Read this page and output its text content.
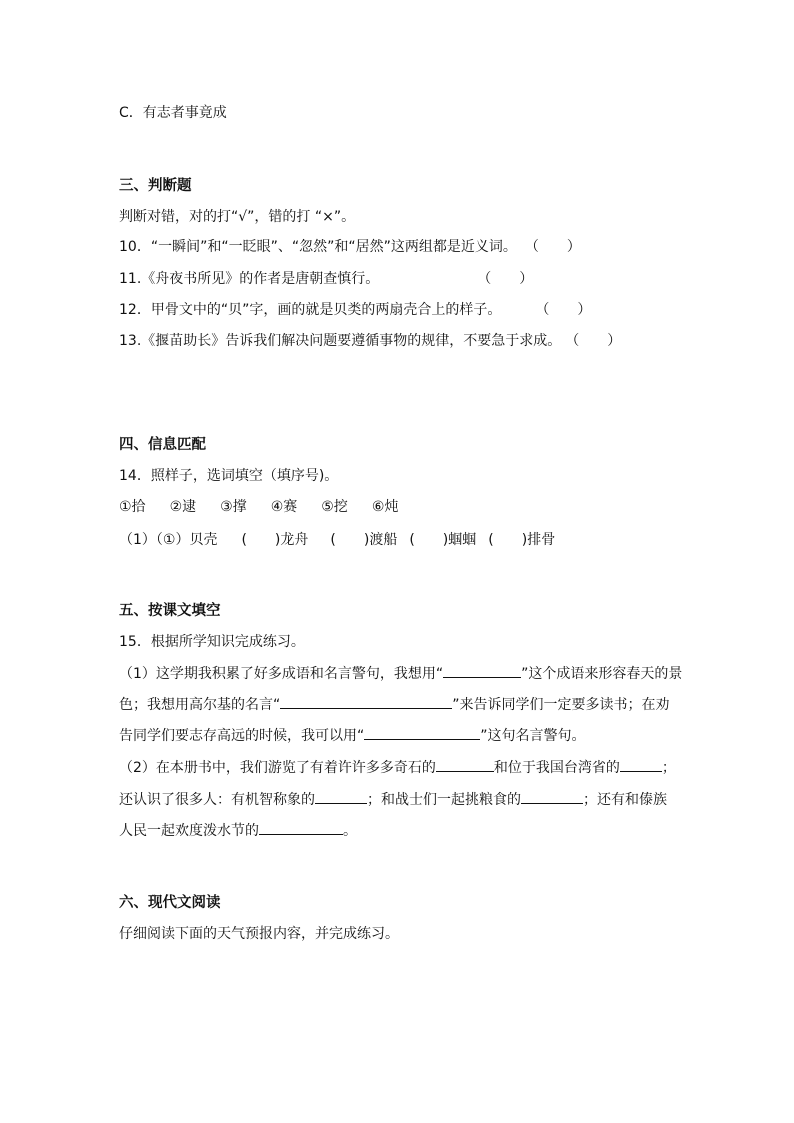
C．有志者事竟成
三、判断题
判断对错，对的打“√”，错的打 “×”。
10．“一瞬间”和“一眨眼”、“忽然”和“居然”这两组都是近义词。 （　　）
11.《舟夜书所见》的作者是唐朝查慎行。	（　　）
12．甲骨文中的“贝”字，画的就是贝类的两扇壳合上的样子。 （　　）
13.《揠苗助长》告诉我们解决问题要遵循事物的规律，不要急于求成。 （　　）
四、信息匹配
14．照样子，选词填空（填序号)。
①拾 ②逮 ③撑 ④赛 ⑤挖 ⑥炖
（1）（①）贝壳 (　　)龙舟 (　　)渡船 (　　)蝈蝈 (　　)排骨
五、按课文填空
15．根据所学知识完成练习。
（1）这学期我积累了好多成语和名言警句，我想用“	”这个成语来形容春天的景
色；我想用高尔基的名言“	”来告诉同学们一定要多读书；在劝
告同学们要志存高远的时候，我可以用“	”这句名言警句。
（2）在本册书中，我们游览了有着许许多多奇石的	和位于我国台湾省的	；
还认识了很多人：有机智称象的	；和战士们一起挑粮食的	；还有和傣族
人民一起欢度泼水节的	。
六、现代文阅读
仔细阅读下面的天气预报内容，并完成练习。
